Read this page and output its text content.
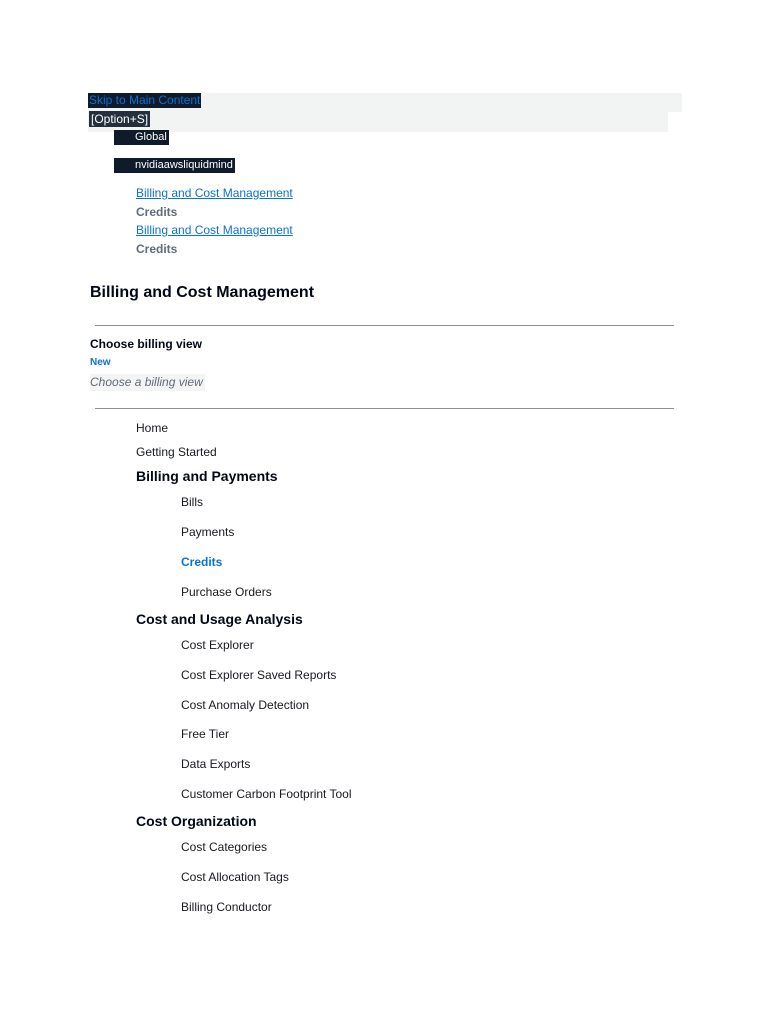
Skip to Main Content
[Option+S]
Global
nvidiaawsliquidmind
Billing and Cost Management
Credits
Billing and Cost Management
Credits
Billing and Cost Management
Choose billing view
New
Choose a billing view
Home
Getting Started
Billing and Payments
Bills
Payments
Credits
Purchase Orders
Cost and Usage Analysis
Cost Explorer
Cost Explorer Saved Reports
Cost Anomaly Detection
Free Tier
Data Exports
Customer Carbon Footprint Tool
Cost Organization
Cost Categories
Cost Allocation Tags
Billing Conductor
